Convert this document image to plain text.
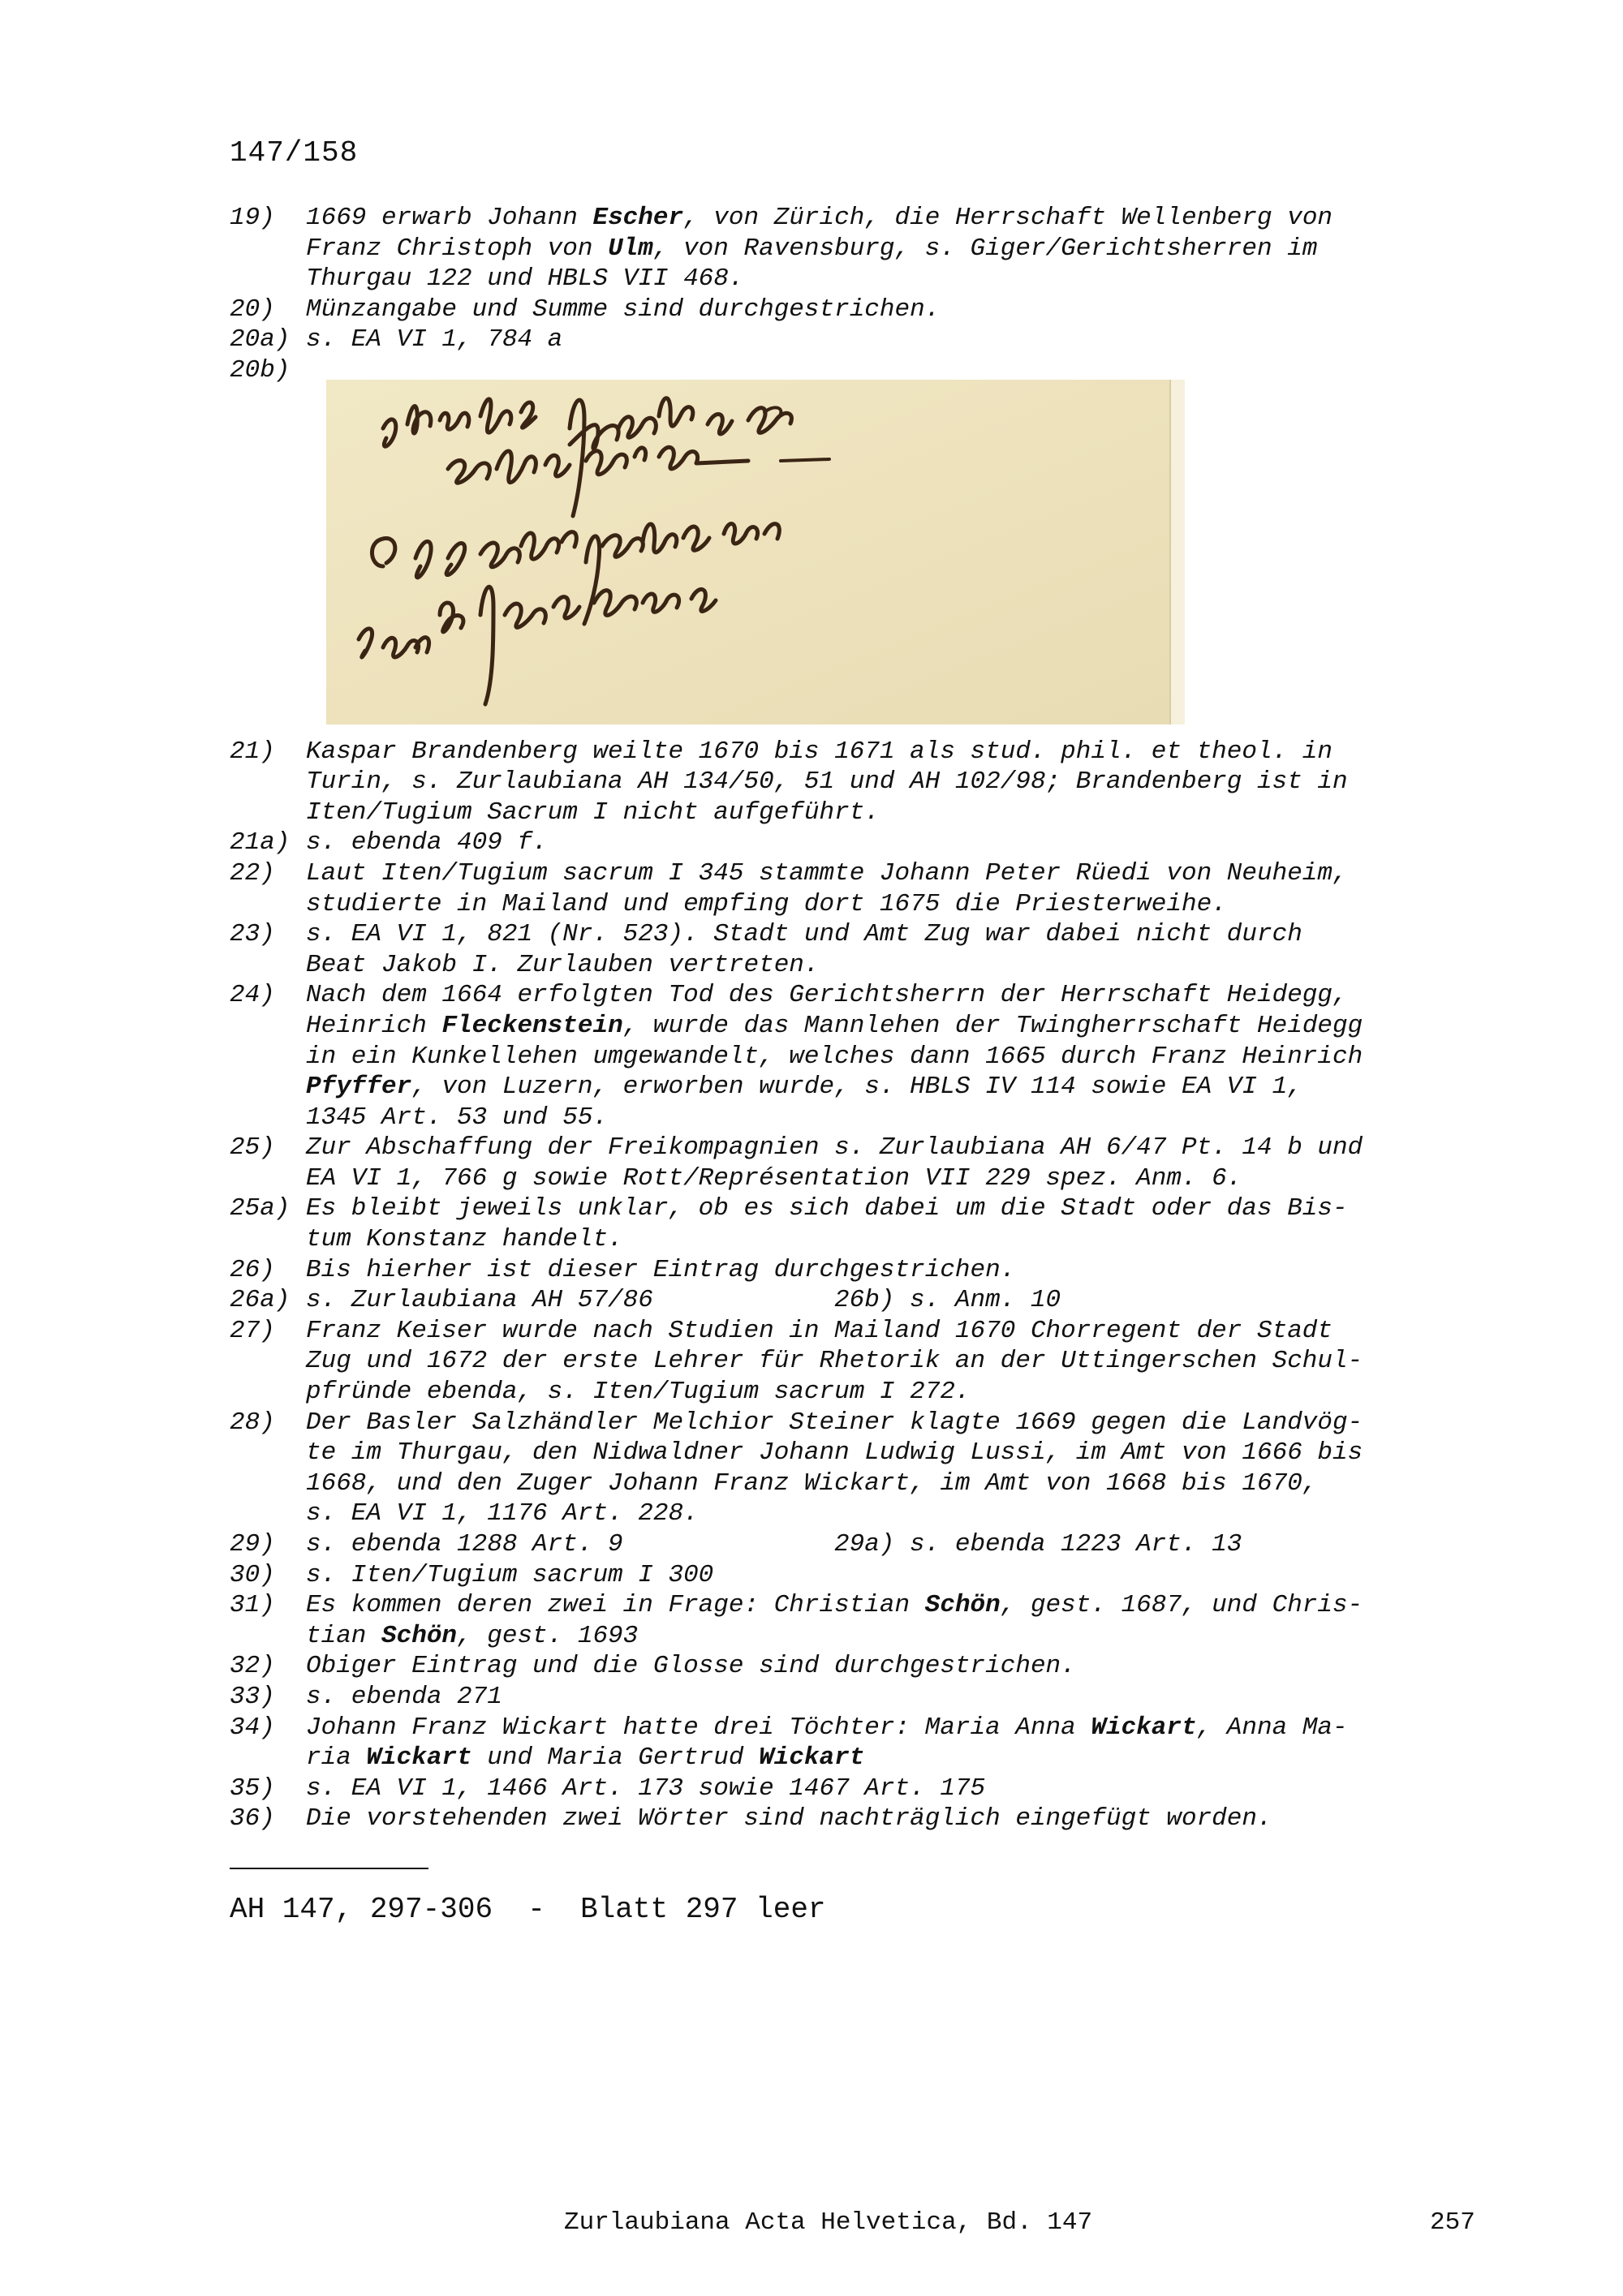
147/158
19)	1669 erwarb Johann Escher, von Zürich, die Herrschaft Wellenberg von
Franz Christoph von Ulm, von Ravensburg, s. Giger/Gerichtsherren im
Thurgau 122 und HBLS VII 468.
20)	Münzangabe und Summe sind durchgestrichen.
20a) s. EA VI 1, 784 a
20b)
21)	Kaspar Brandenberg weilte 1670 bis 1671 als stud. phil. et theol. in
Turin, s. Zurlaubiana AH 134/50, 51 und AH 102/98; Brandenberg ist in
Iten/Tugium Sacrum I nicht aufgeführt.
21a) s. ebenda 409 f.
22)	Laut Iten/Tugium sacrum I 345 stammte Johann Peter Rüedi von Neuheim,
studierte in Mailand und empfing dort 1675 die Priesterweihe.
23)	s. EA VI 1, 821 (Nr. 523). Stadt und Amt Zug war dabei nicht durch
Beat Jakob I. Zurlauben vertreten.
24)	Nach dem 1664 erfolgten Tod des Gerichtsherrn der Herrschaft Heidegg,
Heinrich Fleckenstein, wurde das Mannlehen der Twingherrschaft Heidegg
in ein Kunkellehen umgewandelt, welches dann 1665 durch Franz Heinrich
Pfyffer, von Luzern, erworben wurde, s. HBLS IV 114 sowie EA VI 1,
1345 Art. 53 und 55.
25)	Zur Abschaffung der Freikompagnien s. Zurlaubiana AH 6/47 Pt. 14 b und
EA VI 1, 766 g sowie Rott/Représentation VII 229 spez. Anm. 6.
25a) Es bleibt jeweils unklar, ob es sich dabei um die Stadt oder das Bis-
tum Konstanz handelt.
26)	Bis hierher ist dieser Eintrag durchgestrichen.
26a) s. Zurlaubiana AH 57/86	26b)
s. Anm. 10
27)	Franz Keiser wurde nach Studien in Mailand 1670 Chorregent der Stadt
Zug und 1672 der erste Lehrer für Rhetorik an der Uttingerschen Schul-
pfründe ebenda, s. Iten/Tugium sacrum I 272.
28)	Der Basler Salzhändler Melchior Steiner klagte 1669 gegen die Landvög-
te im Thurgau, den Nidwaldner Johann Ludwig Lussi, im Amt von 1666 bis
1668, und den Zuger Johann Franz Wickart, im Amt von 1668 bis 1670,
s. EA VI 1, 1176 Art. 228.
29)	s. ebenda 1288 Art. 9	29a)
s. ebenda 1223 Art. 13
30)	s. Iten/Tugium sacrum I 300
31)	Es kommen deren zwei in Frage: Christian Schön, gest. 1687, und Chris-
tian Schön, gest. 1693
32)	Obiger Eintrag und die Glosse sind durchgestrichen.
33)	s. ebenda 271
34)	Johann Franz Wickart hatte drei Töchter: Maria Anna Wickart, Anna Ma-
ria Wickart und Maria Gertrud Wickart
35)	s. EA VI 1, 1466 Art. 173 sowie 1467 Art. 175
36)	Die vorstehenden zwei Wörter sind nachträglich eingefügt worden.
AH 147, 297-306  -  Blatt 297 leer
Zurlaubiana Acta Helvetica, Bd. 147	257
